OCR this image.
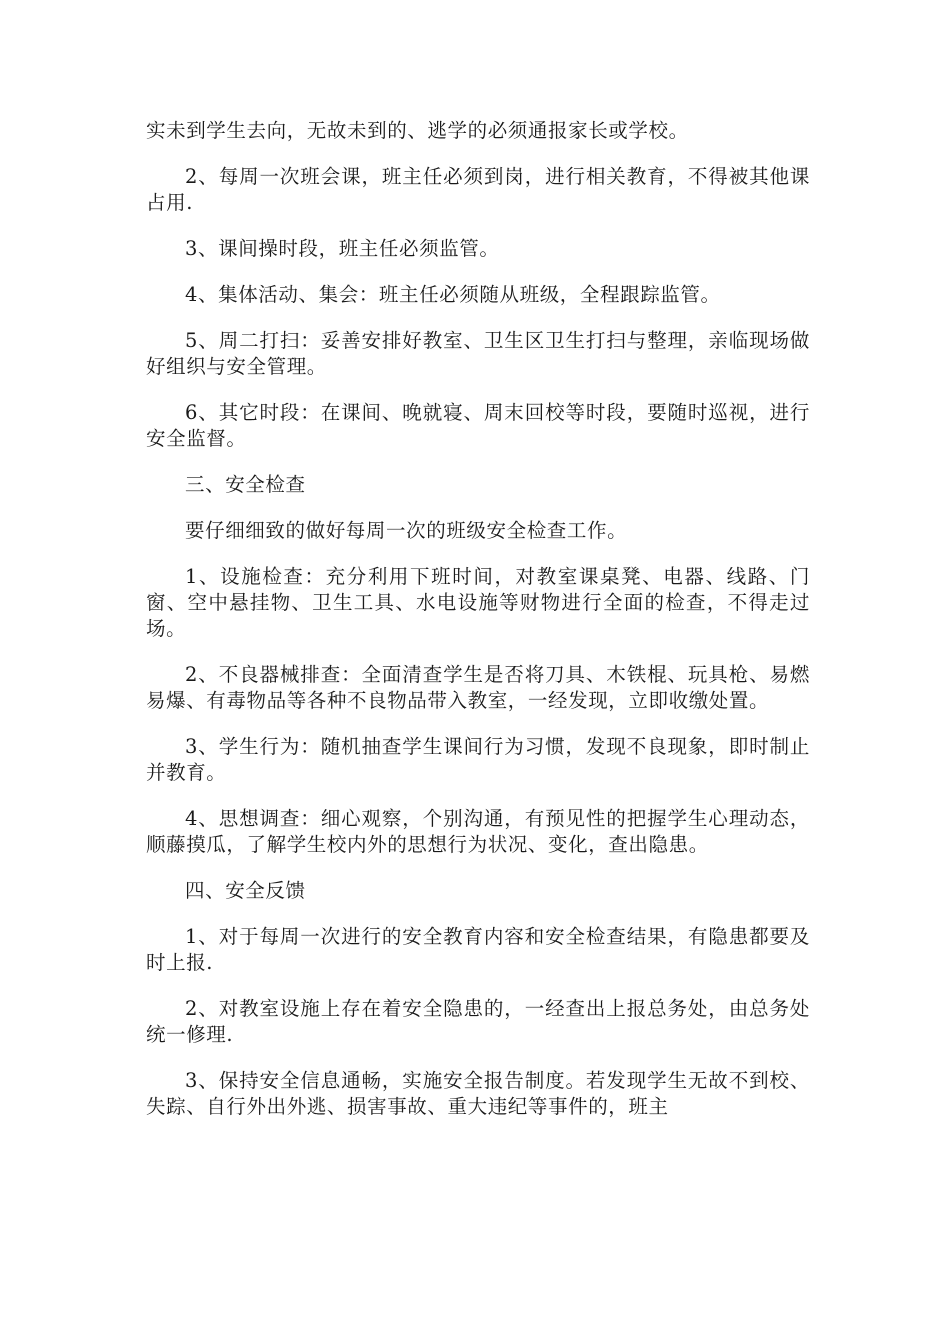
实未到学生去向，无故未到的、逃学的必须通报家长或学校。

2、每周一次班会课，班主任必须到岗，进行相关教育，不得被其他课占用.

3、课间操时段，班主任必须监管。

4、集体活动、集会：班主任必须随从班级，全程跟踪监管。

5、周二打扫：妥善安排好教室、卫生区卫生打扫与整理，亲临现场做好组织与安全管理。

6、其它时段：在课间、晚就寝、周末回校等时段，要随时巡视，进行安全监督。

三、安全检查

要仔细细致的做好每周一次的班级安全检查工作。

1、设施检查：充分利用下班时间，对教室课桌凳、电器、线路、门窗、空中悬挂物、卫生工具、水电设施等财物进行全面的检查，不得走过场。

2、不良器械排查：全面清查学生是否将刀具、木铁棍、玩具枪、易燃易爆、有毒物品等各种不良物品带入教室，一经发现，立即收缴处置。

3、学生行为：随机抽查学生课间行为习惯，发现不良现象，即时制止并教育。

4、思想调查：细心观察，个别沟通，有预见性的把握学生心理动态，顺藤摸瓜，了解学生校内外的思想行为状况、变化，查出隐患。

四、安全反馈

1、对于每周一次进行的安全教育内容和安全检查结果，有隐患都要及时上报.

2、对教室设施上存在着安全隐患的，一经查出上报总务处，由总务处统一修理.

3、保持安全信息通畅，实施安全报告制度。若发现学生无故不到校、失踪、自行外出外逃、损害事故、重大违纪等事件的，班主
